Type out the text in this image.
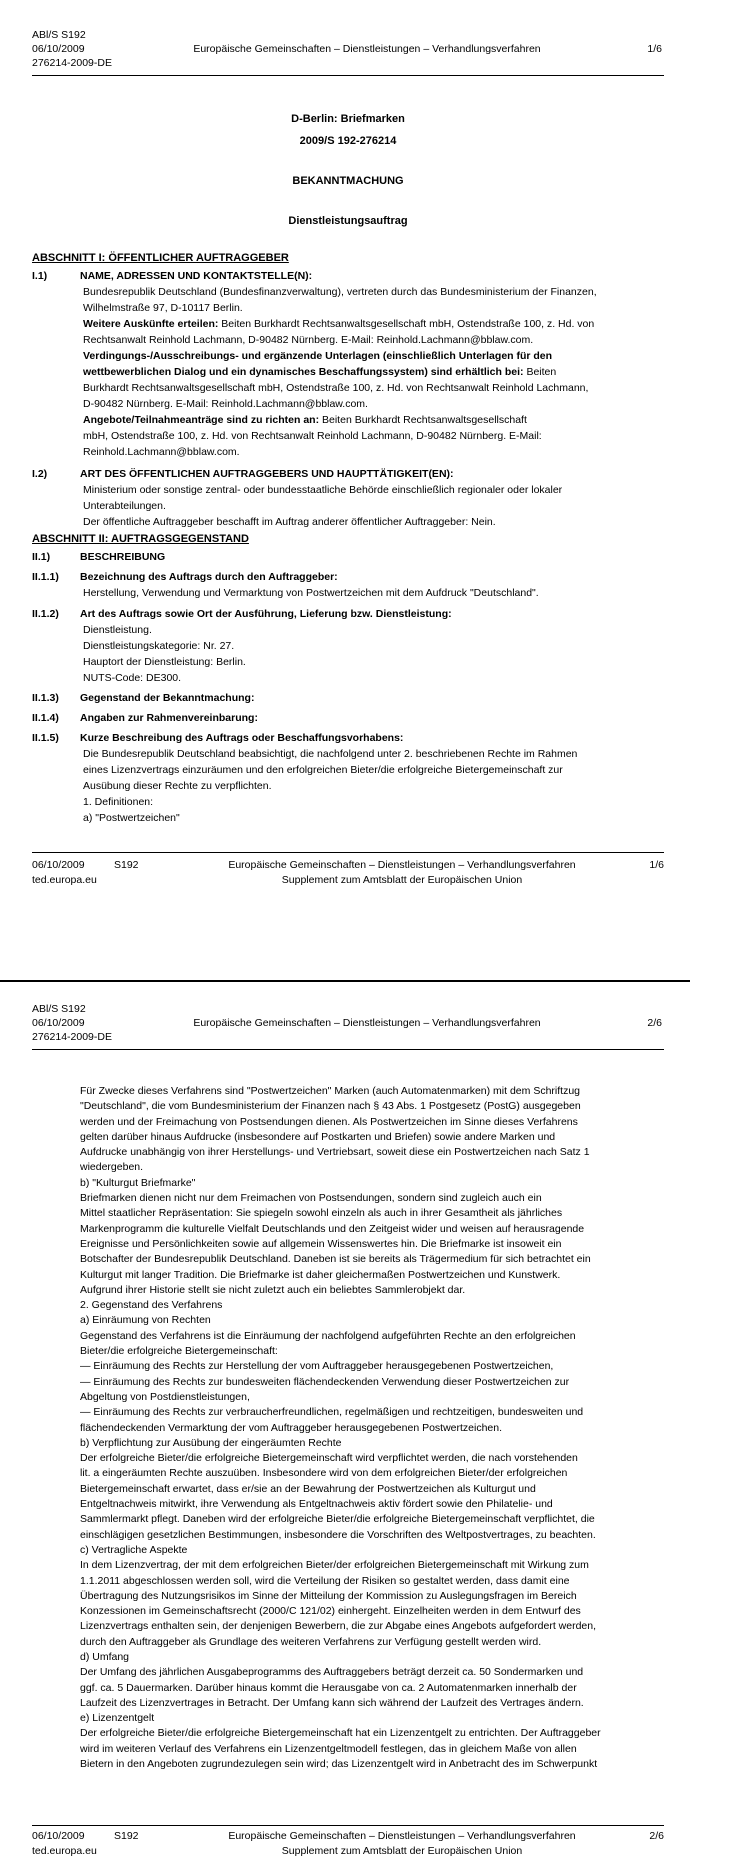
ABl/S S192
06/10/2009
276214-2009-DE
Europäische Gemeinschaften – Dienstleistungen – Verhandlungsverfahren	1/6
D-Berlin: Briefmarken
2009/S 192-276214
BEKANNTMACHUNG
Dienstleistungsauftrag
ABSCHNITT I: ÖFFENTLICHER AUFTRAGGEBER
I.1)	NAME, ADRESSEN UND KONTAKTSTELLE(N):
Bundesrepublik Deutschland (Bundesfinanzverwaltung), vertreten durch das Bundesministerium der Finanzen,
Wilhelmstraße 97, D-10117 Berlin.
Weitere Auskünfte erteilen: Beiten Burkhardt Rechtsanwaltsgesellschaft mbH, Ostendstraße 100, z. Hd. von
Rechtsanwalt Reinhold Lachmann, D-90482 Nürnberg. E-Mail: Reinhold.Lachmann@bblaw.com.
Verdingungs-/Ausschreibungs- und ergänzende Unterlagen (einschließlich Unterlagen für den
wettbewerblichen Dialog und ein dynamisches Beschaffungssystem) sind erhältlich bei: Beiten
Burkhardt Rechtsanwaltsgesellschaft mbH, Ostendstraße 100, z. Hd. von Rechtsanwalt Reinhold Lachmann,
D-90482 Nürnberg. E-Mail: Reinhold.Lachmann@bblaw.com.
Angebote/Teilnahmeanträge sind zu richten an: Beiten Burkhardt Rechtsanwaltsgesellschaft
mbH, Ostendstraße 100, z. Hd. von Rechtsanwalt Reinhold Lachmann, D-90482 Nürnberg. E-Mail:
Reinhold.Lachmann@bblaw.com.
I.2)	ART DES ÖFFENTLICHEN AUFTRAGGEBERS UND HAUPTTÄTIGKEIT(EN):
Ministerium oder sonstige zentral- oder bundesstaatliche Behörde einschließlich regionaler oder lokaler
Unterabteilungen.
Der öffentliche Auftraggeber beschafft im Auftrag anderer öffentlicher Auftraggeber: Nein.
ABSCHNITT II: AUFTRAGSGEGENSTAND
II.1)	BESCHREIBUNG
II.1.1) Bezeichnung des Auftrags durch den Auftraggeber:
Herstellung, Verwendung und Vermarktung von Postwertzeichen mit dem Aufdruck "Deutschland".
II.1.2) Art des Auftrags sowie Ort der Ausführung, Lieferung bzw. Dienstleistung:
Dienstleistung.
Dienstleistungskategorie: Nr. 27.
Hauptort der Dienstleistung: Berlin.
NUTS-Code: DE300.
II.1.3) Gegenstand der Bekanntmachung:
II.1.4) Angaben zur Rahmenvereinbarung:
II.1.5) Kurze Beschreibung des Auftrags oder Beschaffungsvorhabens:
Die Bundesrepublik Deutschland beabsichtigt, die nachfolgend unter 2. beschriebenen Rechte im Rahmen
eines Lizenzvertrags einzuräumen und den erfolgreichen Bieter/die erfolgreiche Bietergemeinschaft zur
Ausübung dieser Rechte zu verpflichten.
1. Definitionen:
a) "Postwertzeichen"
06/10/2009	S192	Europäische Gemeinschaften – Dienstleistungen – Verhandlungsverfahren	1/6
ted.europa.eu	Supplement zum Amtsblatt der Europäischen Union
ABl/S S192
06/10/2009
276214-2009-DE
Europäische Gemeinschaften – Dienstleistungen – Verhandlungsverfahren	2/6
Für Zwecke dieses Verfahrens sind "Postwertzeichen" Marken (auch Automatenmarken) mit dem Schriftzug
"Deutschland", die vom Bundesministerium der Finanzen nach § 43 Abs. 1 Postgesetz (PostG) ausgegeben
werden und der Freimachung von Postsendungen dienen. Als Postwertzeichen im Sinne dieses Verfahrens
gelten darüber hinaus Aufdrucke (insbesondere auf Postkarten und Briefen) sowie andere Marken und
Aufdrucke unabhängig von ihrer Herstellungs- und Vertriebsart, soweit diese ein Postwertzeichen nach Satz 1
wiedergeben.
b) "Kulturgut Briefmarke"
Briefmarken dienen nicht nur dem Freimachen von Postsendungen, sondern sind zugleich auch ein
Mittel staatlicher Repräsentation: Sie spiegeln sowohl einzeln als auch in ihrer Gesamtheit als jährliches
Markenprogramm die kulturelle Vielfalt Deutschlands und den Zeitgeist wider und weisen auf herausragende
Ereignisse und Persönlichkeiten sowie auf allgemein Wissenswertes hin. Die Briefmarke ist insoweit ein
Botschafter der Bundesrepublik Deutschland. Daneben ist sie bereits als Trägermedium für sich betrachtet ein
Kulturgut mit langer Tradition. Die Briefmarke ist daher gleichermaßen Postwertzeichen und Kunstwerk.
Aufgrund ihrer Historie stellt sie nicht zuletzt auch ein beliebtes Sammlerobjekt dar.
2. Gegenstand des Verfahrens
a) Einräumung von Rechten
Gegenstand des Verfahrens ist die Einräumung der nachfolgend aufgeführten Rechte an den erfolgreichen
Bieter/die erfolgreiche Bietergemeinschaft:
— Einräumung des Rechts zur Herstellung der vom Auftraggeber herausgegebenen Postwertzeichen,
— Einräumung des Rechts zur bundesweiten flächendeckenden Verwendung dieser Postwertzeichen zur
Abgeltung von Postdienstleistungen,
— Einräumung des Rechts zur verbraucherfreundlichen, regelmäßigen und rechtzeitigen, bundesweiten und
flächendeckenden Vermarktung der vom Auftraggeber herausgegebenen Postwertzeichen.
b) Verpflichtung zur Ausübung der eingeräumten Rechte
Der erfolgreiche Bieter/die erfolgreiche Bietergemeinschaft wird verpflichtet werden, die nach vorstehenden
lit. a eingeräumten Rechte auszuüben. Insbesondere wird von dem erfolgreichen Bieter/der erfolgreichen
Bietergemeinschaft erwartet, dass er/sie an der Bewahrung der Postwertzeichen als Kulturgut und
Entgeltnachweis mitwirkt, ihre Verwendung als Entgeltnachweis aktiv fördert sowie den Philatelie- und
Sammlermarkt pflegt. Daneben wird der erfolgreiche Bieter/die erfolgreiche Bietergemeinschaft verpflichtet, die
einschlägigen gesetzlichen Bestimmungen, insbesondere die Vorschriften des Weltpostvertrages, zu beachten.
c) Vertragliche Aspekte
In dem Lizenzvertrag, der mit dem erfolgreichen Bieter/der erfolgreichen Bietergemeinschaft mit Wirkung zum
1.1.2011 abgeschlossen werden soll, wird die Verteilung der Risiken so gestaltet werden, dass damit eine
Übertragung des Nutzungsrisikos im Sinne der Mitteilung der Kommission zu Auslegungsfragen im Bereich
Konzessionen im Gemeinschaftsrecht (2000/C 121/02) einhergeht. Einzelheiten werden in dem Entwurf des
Lizenzvertrags enthalten sein, der denjenigen Bewerbern, die zur Abgabe eines Angebots aufgefordert werden,
durch den Auftraggeber als Grundlage des weiteren Verfahrens zur Verfügung gestellt werden wird.
d) Umfang
Der Umfang des jährlichen Ausgabeprogramms des Auftraggebers beträgt derzeit ca. 50 Sondermarken und
ggf. ca. 5 Dauermarken. Darüber hinaus kommt die Herausgabe von ca. 2 Automatenmarken innerhalb der
Laufzeit des Lizenzvertrages in Betracht. Der Umfang kann sich während der Laufzeit des Vertrages ändern.
e) Lizenzentgelt
Der erfolgreiche Bieter/die erfolgreiche Bietergemeinschaft hat ein Lizenzentgelt zu entrichten. Der Auftraggeber
wird im weiteren Verlauf des Verfahrens ein Lizenzentgeltmodell festlegen, das in gleichem Maße von allen
Bietern in den Angeboten zugrundezulegen sein wird; das Lizenzentgelt wird in Anbetracht des im Schwerpunkt
06/10/2009	S192	Europäische Gemeinschaften – Dienstleistungen – Verhandlungsverfahren	2/6
ted.europa.eu	Supplement zum Amtsblatt der Europäischen Union
